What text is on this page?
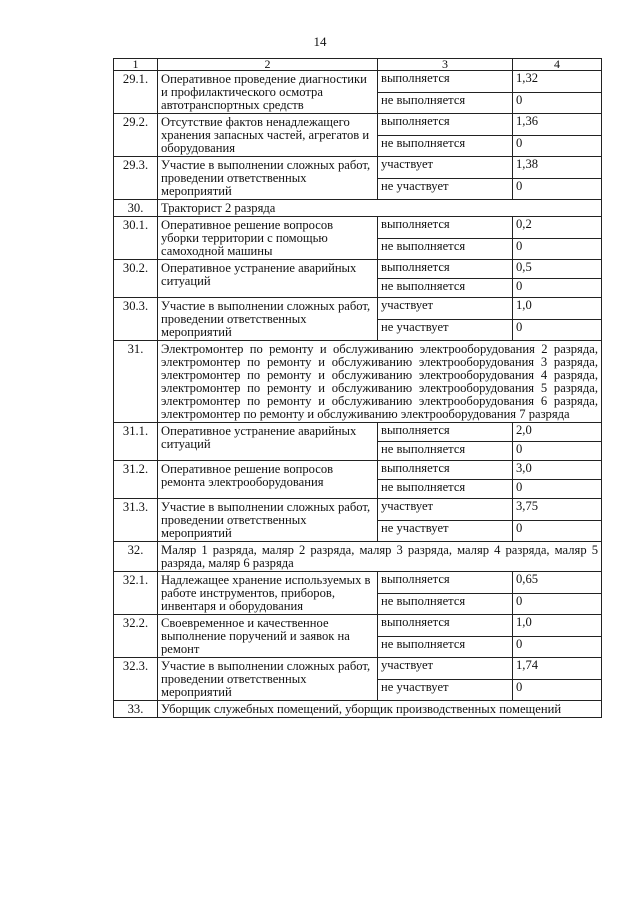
14
1	2	3	4
29.1.	Оперативное проведение диагностики и профилактического осмотра автотранспортных средств	выполняется	1,32
		не выполняется	0
29.2.	Отсутствие фактов ненадлежащего хранения запасных частей, агрегатов и оборудования	выполняется	1,36
		не выполняется	0
29.3.	Участие в выполнении сложных работ, проведении ответственных мероприятий	участвует	1,38
		не участвует	0
30.	Тракторист 2 разряда		
30.1.	Оперативное решение вопросов уборки территории с помощью самоходной машины	выполняется	0,2
		не выполняется	0
30.2.	Оперативное устранение аварийных ситуаций	выполняется	0,5
		не выполняется	0
30.3.	Участие в выполнении сложных работ, проведении ответственных мероприятий	участвует	1,0
		не участвует	0
31.	Электромонтер по ремонту и обслуживанию электрооборудования 2 разряда, электромонтер по ремонту и обслуживанию электрооборудования 3 разряда, электромонтер по ремонту и обслуживанию электрооборудования 4 разряда, электромонтер по ремонту и обслуживанию электрооборудования 5 разряда, электромонтер по ремонту и обслуживанию электрооборудования 6 разряда, электромонтер по ремонту и обслуживанию электрооборудования 7 разряда		
31.1.	Оперативное устранение аварийных ситуаций	выполняется	2,0
		не выполняется	0
31.2.	Оперативное решение вопросов ремонта электрооборудования	выполняется	3,0
		не выполняется	0
31.3.	Участие в выполнении сложных работ, проведении ответственных мероприятий	участвует	3,75
		не участвует	0
32.	Маляр 1 разряда, маляр 2 разряда, маляр 3 разряда, маляр 4 разряда, маляр 5 разряда, маляр 6 разряда		
32.1.	Надлежащее хранение используемых в работе инструментов, приборов, инвентаря и оборудования	выполняется	0,65
		не выполняется	0
32.2.	Своевременное и качественное выполнение поручений и заявок на ремонт	выполняется	1,0
		не выполняется	0
32.3.	Участие в выполнении сложных работ, проведении ответственных мероприятий	участвует	1,74
		не участвует	0
33.	Уборщик служебных помещений, уборщик производственных помещений		
